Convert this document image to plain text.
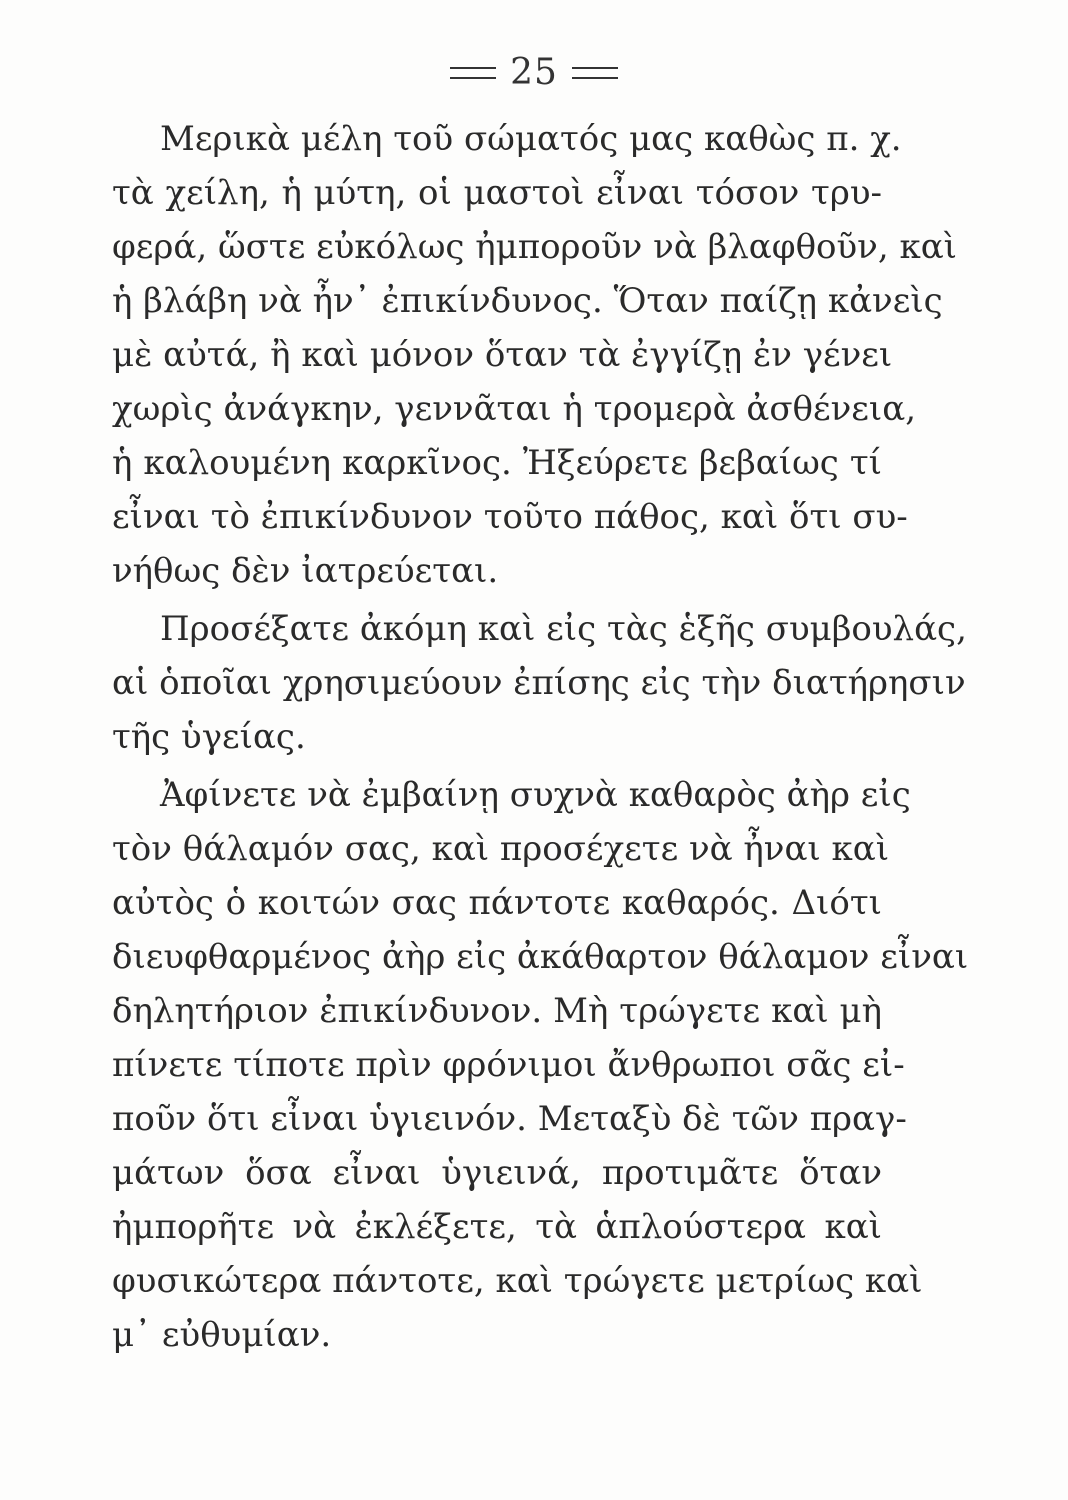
25
Μερικὰ μέλη τοῦ σώματός μας καθὼς π. χ.
τὰ χείλη, ἡ μύτη, οἱ μαστοὶ εἶναι τόσον τρυ-
φερά, ὥστε εὐκόλως ἠμποροῦν νὰ βλαφθοῦν, καὶ
ἡ βλάβη νὰ ἦν᾽ ἐπικίνδυνος. Ὅταν παίζῃ κἀνεὶς
μὲ αὐτά, ἢ καὶ μόνον ὅταν τὰ ἐγγίζῃ ἐν γένει
χωρὶς ἀνάγκην, γεννᾶται ἡ τρομερὰ ἀσθένεια,
ἡ καλουμένη καρκῖνος. Ἠξεύρετε βεβαίως τί
εἶναι τὸ ἐπικίνδυνον τοῦτο πάθος, καὶ ὅτι συ-
νήθως δὲν ἰατρεύεται.
Προσέξατε ἀκόμη καὶ εἰς τὰς ἑξῆς συμβουλάς,
αἱ ὁποῖαι χρησιμεύουν ἐπίσης εἰς τὴν διατήρησιν
τῆς ὑγείας.
Ἀφίνετε νὰ ἐμβαίνῃ συχνὰ καθαρὸς ἀὴρ εἰς
τὸν θάλαμόν σας, καὶ προσέχετε νὰ ἦναι καὶ
αὐτὸς ὁ κοιτών σας πάντοτε καθαρός. Διότι
διευφθαρμένος ἀὴρ εἰς ἀκάθαρτον θάλαμον εἶναι
δηλητήριον ἐπικίνδυνον. Μὴ τρώγετε καὶ μὴ
πίνετε τίποτε πρὶν φρόνιμοι ἄνθρωποι σᾶς εἰ-
ποῦν ὅτι εἶναι ὑγιεινόν. Μεταξὺ δὲ τῶν πραγ-
μάτων ὅσα εἶναι ὑγιεινά, προτιμᾶτε ὅταν
ἠμπορῆτε νὰ ἐκλέξετε, τὰ ἁπλούστερα καὶ
φυσικώτερα πάντοτε, καὶ τρώγετε μετρίως καὶ
μ᾽ εὐθυμίαν.
